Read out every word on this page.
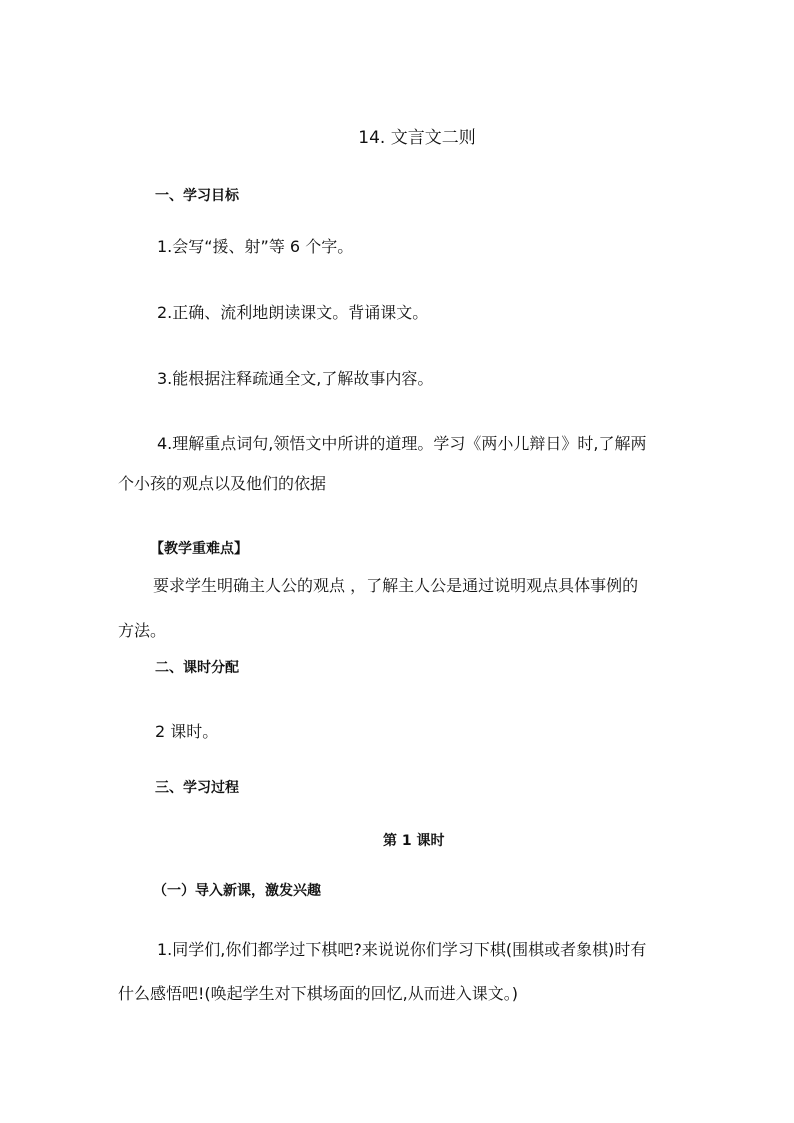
14. 文言文二则
一、学习目标
1.会写“援、射”等 6 个字。
2.正确、流利地朗读课文。背诵课文。
3.能根据注释疏通全文,了解故事内容。
4.理解重点词句,领悟文中所讲的道理。学习《两小儿辩日》时,了解两
个小孩的观点以及他们的依据
【教学重难点】
要求学生明确主人公的观点 ，了解主人公是通过说明观点具体事例的
方法。
二、课时分配
2 课时。
三、学习过程
第 1 课时
（一）导入新课，激发兴趣
1.同学们,你们都学过下棋吧?来说说你们学习下棋(围棋或者象棋)时有
什么感悟吧!(唤起学生对下棋场面的回忆,从而进入课文。)
